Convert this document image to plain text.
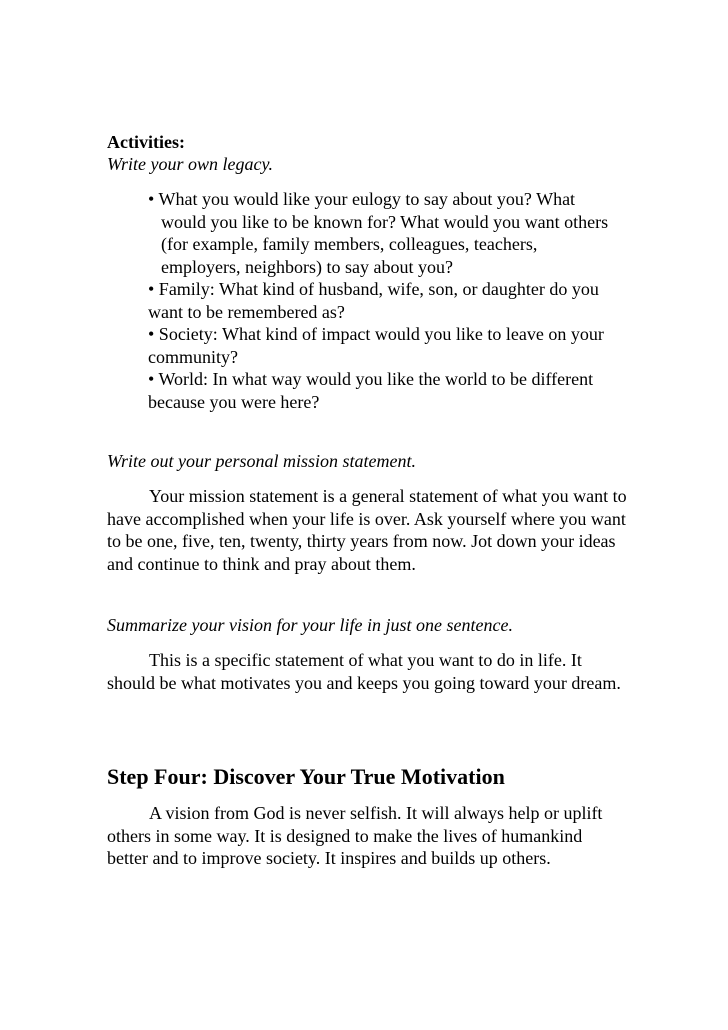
Activities:
Write your own legacy.

• What you would like your eulogy to say about you? What would you like to be known for? What would you want others (for example, family members, colleagues, teachers, employers, neighbors) to say about you?

• Family: What kind of husband, wife, son, or daughter do you want to be remembered as?

• Society: What kind of impact would you like to leave on your community?

• World: In what way would you like the world to be different because you were here?

Write out your personal mission statement.

Your mission statement is a general statement of what you want to have accomplished when your life is over. Ask yourself where you want to be one, five, ten, twenty, thirty years from now. Jot down your ideas and continue to think and pray about them.

Summarize your vision for your life in just one sentence.

This is a specific statement of what you want to do in life. It should be what motivates you and keeps you going toward your dream.

Step Four: Discover Your True Motivation

A vision from God is never selfish. It will always help or uplift others in some way. It is designed to make the lives of humankind better and to improve society. It inspires and builds up others.
